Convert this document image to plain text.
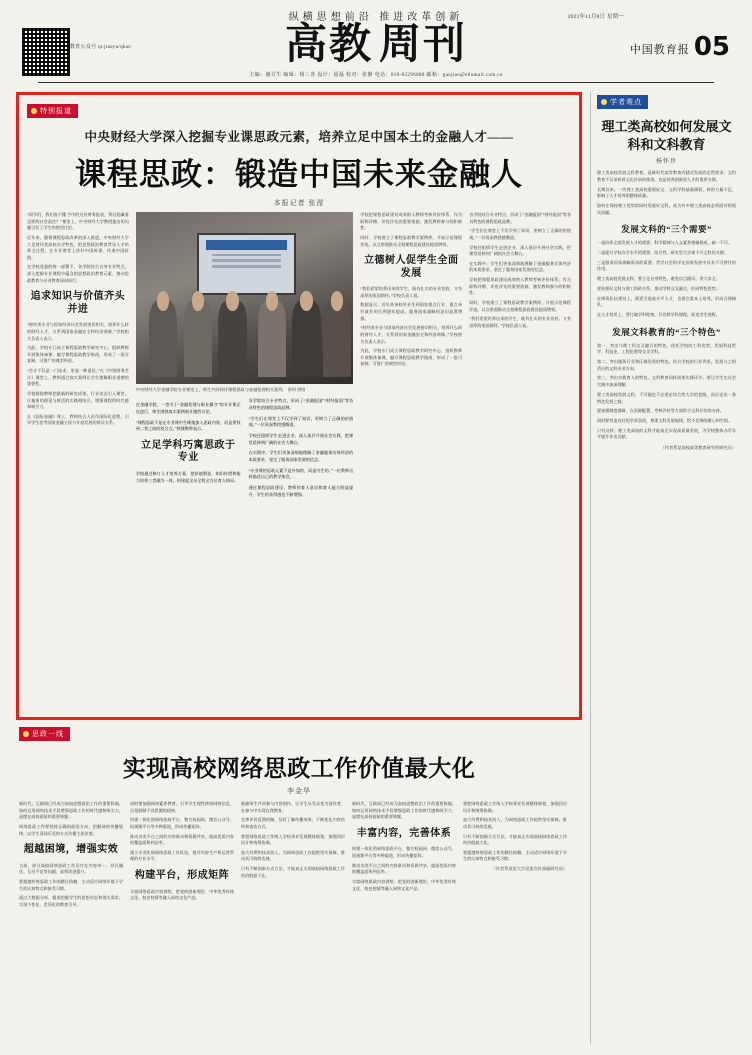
教育公众号 qr.jiaoyu/qkan
纵横思想前沿 推进改革创新
高教 周刊
2021年11月8日 星期一
中国教育报 05
主编：储召生 编辑：杨三喜 设计：聂磊 校对：张静 电话：010-82296888 邮箱：gaojiao@edumail.com.cn
特别报道
中央财经大学深入挖掘专业课思政元素，培养立足中国本土的金融人才——
课程思政：锻造中国未来金融人
本报记者 张滢

“同学们，我们查不懂 手中的这份财务报表，背后隐藏着怎样的社会责任？”课堂上，中央财经大学教授提出的问题引发了学生的热烈讨论。

近年来，随着课程思政改革的深入推进，中央财经大学立足财经类高校办学特色，把思想政治教育贯穿人才培养全过程，在专业课堂上讲好中国故事、传递中国价值。

在学校党委的统一部署下，各学院结合自身专业特点，深入挖掘专业课程中蕴含的思想政治教育元素，推动思政教育与专业教育同向同行。

追求知识与价值齐头并进

“财经类专业与国家经济社会发展密切相关，培养什么样的财经人才，关系到国家金融安全和经济命脉。”学校相关负责人表示。

为此，学校专门成立课程思政教学研究中心，组织教师开展集体备课，编写课程思政教学指南，形成了一批可复制、可推广的典型经验。

“会计不仅是一门技术，更是一种责任。”在《中级财务会计》课堂上，教师通过真实案例让学生理解职业道德的重要性。

学校鼓励教师把最新的研究成果、行业动态引入课堂，让抽象的理论与鲜活的实践相结合，增强课程的时代感和吸引力。

在《国际金融》课上，教师结合人民币国际化进程，引导学生思考国家金融主权与开放发展的辩证关系。

中央财经大学金融学院专业课堂上，师生共同探讨课程思政与金融伦理相关案例。 资料 供图

在金融学院，一堂关于“金融伦理与职业操守”的专业课正在进行，师生围绕真实案例展开激烈讨论。

“课程思政不是在专业课中生硬地加入思政内容，而是要找到二者之间的契合点。”授课教师表示。

立足学科巧寓思政于专业

学校通过修订人才培养方案，把价值塑造、知识传授和能力培养三者融为一体，构建起全员全程全方位育人格局。

各学院结合专业特点，形成了“金融报国”“财经报国”等各具特色的课程思政品牌。

“学生们在课堂上不仅学到了知识，更树立了正确的价值观。”一位资深教授感慨道。

学校还组织学生走进企业、深入基层开展社会实践，把课堂延伸到广阔的社会大舞台。

在实践中，学生们更加深刻地理解了金融服务实体经济的本质要求，坚定了服务国家发展的信念。

“专业课的思政元素不是外加的，而是内生的。”一位教师这样描述自己的教学体会。

通过课程思政建设，教师的育人意识和育人能力明显提升，学生的获得感也不断增强。

学校把课程思政建设成效纳入教师考核评价体系，作为职称评聘、评优评先的重要依据，激发教师参与的积极性。

同时，学校建立了课程思政教学案例库，开展示范课程评选，以点带面推动全校课程思政建设提质增效。

立德树人促学生全面发展

“我们希望培养出来的学生，既有扎实的专业功底，又有深厚的家国情怀。”学校负责人说。

数据显示，近年来该校毕业生到国家重点行业、重点单位就业的比例逐年提高，服务国家战略的意识显著增强。

“财经类专业与国家经济社会发展密切相关，培养什么样的财经人才，关系到国家金融安全和经济命脉。”学校相关负责人表示。

为此，学校专门成立课程思政教学研究中心，组织教师开展集体备课，编写课程思政教学指南，形成了一批可复制、可推广的典型经验。

各学院结合专业特点，形成了“金融报国”“财经报国”等各具特色的课程思政品牌。

“学生们在课堂上不仅学到了知识，更树立了正确的价值观。”一位资深教授感慨道。

学校还组织学生走进企业、深入基层开展社会实践，把课堂延伸到广阔的社会大舞台。

在实践中，学生们更加深刻地理解了金融服务实体经济的本质要求，坚定了服务国家发展的信念。

学校把课程思政建设成效纳入教师考核评价体系，作为职称评聘、评优评先的重要依据，激发教师参与的积极性。

同时，学校建立了课程思政教学案例库，开展示范课程评选，以点带面推动全校课程思政建设提质增效。

“我们希望培养出来的学生，既有扎实的专业功底，又有深厚的家国情怀。”学校负责人说。

思政一线
实现高校网络思政工作价值最大化
李金华

新时代，互联网已经成为高校思想政治工作的重要阵地。如何运用网络技术手段增强思政工作的时代感和吸引力，是摆在高校面前的重要课题。

网络思政工作要坚持正确的政治方向，把握网络传播规律，以学生喜闻乐见的方式传播主流价值。

超越困境，增强实效

当前，部分高校网络思政工作还存在内容单一、形式僵化、互动不足等问题，亟须改进提升。

要超越传统思政工作的路径依赖，主动适应网络环境下学生的认知特点和接受习惯。

通过大数据分析，精准把握学生的思想动态和现实需求，实现个性化、差异化的教育引导。

同时要加强网络素养教育，引导学生理性辨别网络信息，自觉抵制不良思潮的侵蚀。

构建一体化的网络思政平台，整合校园网、微信公众号、短视频平台等多种渠道，形成传播矩阵。

推动各类平台之间的内容联动和资源共享，提高优质内容的覆盖面和到达率。

建立专业化的网络思政工作队伍，提升内容生产和运营管理的专业水平。

构建平台，形成矩阵

丰富网络思政内容供给，把党的创新理论、中华优秀传统文化、校史校情等融入网络文化产品。

鼓励师生共同参与内容创作，让学生从受众变为创作者，在参与中实现自我教育。

完善评价反馈机制，及时了解传播效果，不断优化内容结构和表达方式。

要把网络思政工作纳入学校事业发展整体规划，加强顶层设计和统筹协调。

加大经费和技术投入，为网络思政工作提供坚实保障，推动其可持续发展。

只有不断创新方式方法，才能真正实现高校网络思政工作的价值最大化。

新时代，互联网已经成为高校思想政治工作的重要阵地。如何运用网络技术手段增强思政工作的时代感和吸引力，是摆在高校面前的重要课题。

丰富内容，完善体系

构建一体化的网络思政平台，整合校园网、微信公众号、短视频平台等多种渠道，形成传播矩阵。

推动各类平台之间的内容联动和资源共享，提高优质内容的覆盖面和到达率。

丰富网络思政内容供给，把党的创新理论、中华优秀传统文化、校史校情等融入网络文化产品。

要把网络思政工作纳入学校事业发展整体规划，加强顶层设计和统筹协调。

加大经费和技术投入，为网络思政工作提供坚实保障，推动其可持续发展。

只有不断创新方式方法，才能真正实现高校网络思政工作的价值最大化。

要超越传统思政工作的路径依赖，主动适应网络环境下学生的认知特点和接受习惯。

（作者系某某大学党委宣传部副研究员）
学者观点
理工类高校如何发展文科和文科教育
杨怀珍

理工类高校发展文科教育，是新时代高等教育内涵式发展的必然要求。文科教育不仅承担着文化传承的使命，也是培养创新型人才的重要支撑。

长期以来，一些理工类高校重理轻文，文科学科基础薄弱，师资力量不足，影响了人才培养的整体质量。

如何在保持理工优势的同时发展好文科，成为许多理工类高校必须面对的现实问题。

发展文科的“三个需要”

一是培养全面发展人才的需要。科学精神与人文素养相辅相成，缺一不可。

二是提升学校办学水平的需要。综合性、研究型大学离不开文科的支撑。

三是服务国家战略需求的需要。哲学社会科学在国家发展中具有不可替代的作用。

理工类高校发展文科，要立足自身特色，避免盲目跟风、贪大求全。

要处理好文科与理工科的关系，推动学科交叉融合，形成特色优势。

在师资队伍建设上，既要引进高水平人才，也要注重本土培养，形成合理梯队。

在人才培养上，要打破学科壁垒，开设跨学科课程，拓宽学生视野。

发展文科教育的“三个特色”

第一，突出与理工科交叉融合的特色。依托学校的工科优势，发展科技哲学、科技史、工程伦理等交叉学科。

第二，突出服务行业和区域发展的特色。结合学校的行业背景，发展与之相适应的文科专业方向。

第三，突出实践育人的特色。文科教育同样需要实践环节，要让学生在社会实践中加深理解。

理工类高校发展文科，不可能也不必要走综合性大学的老路，而应走出一条特色发展之路。

要加强制度保障，在资源配置、考核评价等方面给予文科应有的支持。

同时要营造良好的学术氛围，尊重文科发展规律，给予足够的耐心和空间。

只有这样，理工类高校的文科才能真正实现高质量发展，为学校整体办学水平提升作出贡献。

（作者系某高校高等教育研究所研究员）
